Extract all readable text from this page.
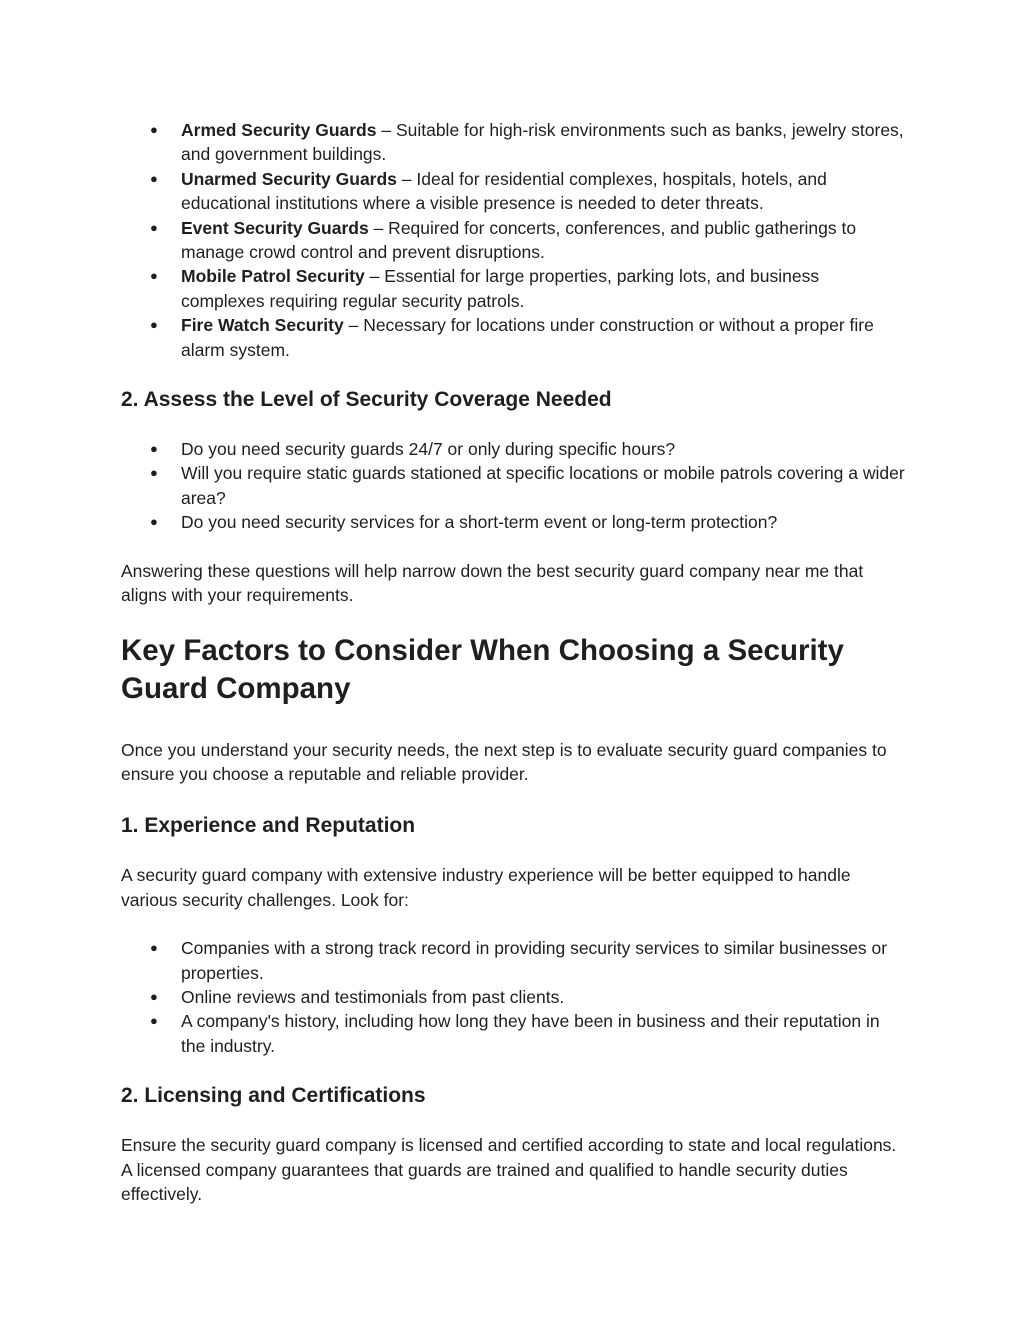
● Armed Security Guards – Suitable for high-risk environments such as banks, jewelry stores, and government buildings.
● Unarmed Security Guards – Ideal for residential complexes, hospitals, hotels, and educational institutions where a visible presence is needed to deter threats.
● Event Security Guards – Required for concerts, conferences, and public gatherings to manage crowd control and prevent disruptions.
● Mobile Patrol Security – Essential for large properties, parking lots, and business complexes requiring regular security patrols.
● Fire Watch Security – Necessary for locations under construction or without a proper fire alarm system.
2. Assess the Level of Security Coverage Needed
● Do you need security guards 24/7 or only during specific hours?
● Will you require static guards stationed at specific locations or mobile patrols covering a wider area?
● Do you need security services for a short-term event or long-term protection?

Answering these questions will help narrow down the best security guard company near me that aligns with your requirements.

Key Factors to Consider When Choosing a Security Guard Company

Once you understand your security needs, the next step is to evaluate security guard companies to ensure you choose a reputable and reliable provider.

1. Experience and Reputation

A security guard company with extensive industry experience will be better equipped to handle various security challenges. Look for:

● Companies with a strong track record in providing security services to similar businesses or properties.
● Online reviews and testimonials from past clients.
● A company's history, including how long they have been in business and their reputation in the industry.
2. Licensing and Certifications

Ensure the security guard company is licensed and certified according to state and local regulations. A licensed company guarantees that guards are trained and qualified to handle security duties effectively.
